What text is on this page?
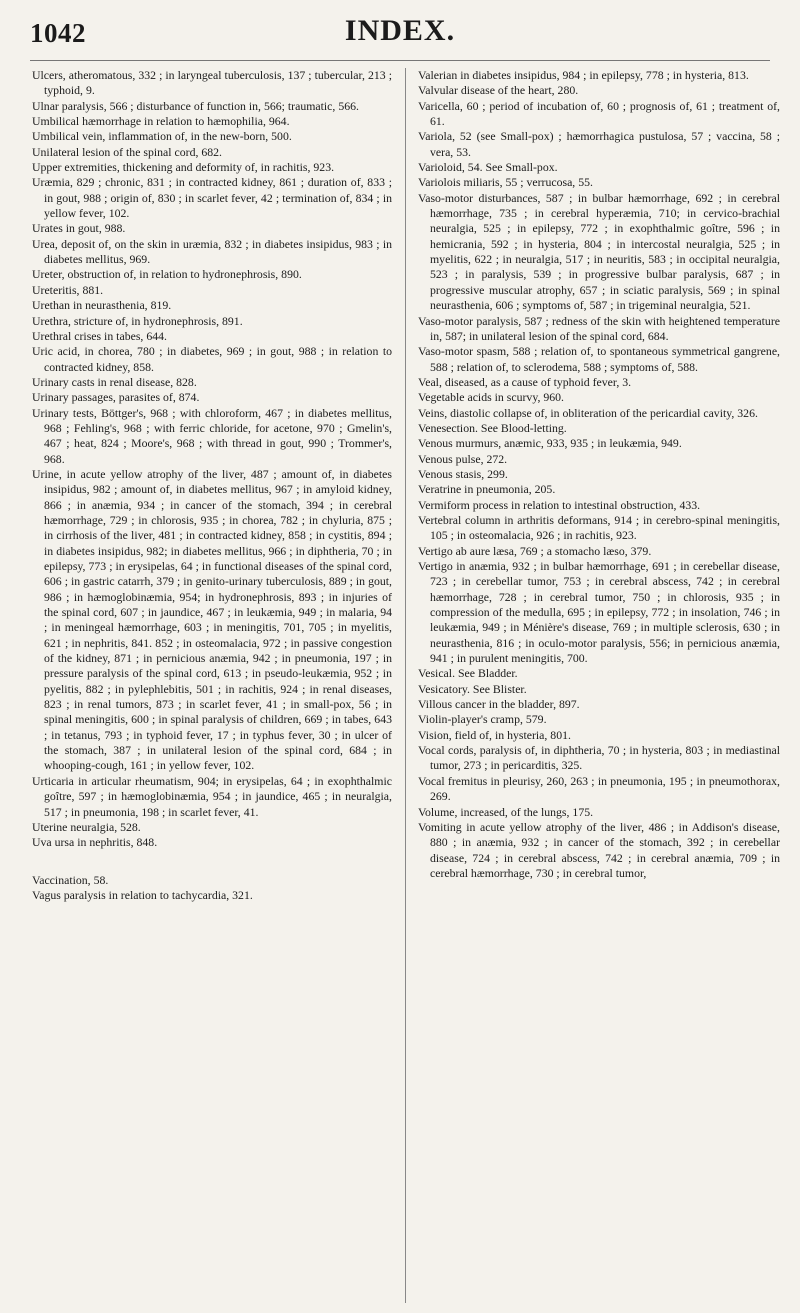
1042	INDEX.

Ulcers, atheromatous, 332 ; in laryngeal tuberculosis, 137 ; tubercular, 213 ; typhoid, 9.

Ulnar paralysis, 566 ; disturbance of function in, 566; traumatic, 566.

Umbilical hæmorrhage in relation to hæmophilia, 964.

Umbilical vein, inflammation of, in the new-born, 500.

Unilateral lesion of the spinal cord, 682.

Upper extremities, thickening and deformity of, in rachitis, 923.

Uræmia, 829 ; chronic, 831 ; in contracted kidney, 861 ; duration of, 833 ; in gout, 988 ; origin of, 830 ; in scarlet fever, 42 ; termination of, 834 ; in yellow fever, 102.

Urates in gout, 988.

Urea, deposit of, on the skin in uræmia, 832 ; in diabetes insipidus, 983 ; in diabetes mellitus, 969.

Ureter, obstruction of, in relation to hydronephrosis, 890.

Ureteritis, 881.

Urethan in neurasthenia, 819.

Urethra, stricture of, in hydronephrosis, 891.

Urethral crises in tabes, 644.

Uric acid, in chorea, 780 ; in diabetes, 969 ; in gout, 988 ; in relation to contracted kidney, 858.

Urinary casts in renal disease, 828.

Urinary passages, parasites of, 874.

Urinary tests, Böttger's, 968 ; with chloroform, 467 ; in diabetes mellitus, 968 ; Fehling's, 968 ; with ferric chloride, for acetone, 970 ; Gmelin's, 467 ; heat, 824 ; Moore's, 968 ; with thread in gout, 990 ; Trommer's, 968.

Urine, in acute yellow atrophy of the liver, 487 ; amount of, in diabetes insipidus, 982 ; amount of, in diabetes mellitus, 967 ; in amyloid kidney, 866 ; in anæmia, 934 ; in cancer of the stomach, 394 ; in cerebral hæmorrhage, 729 ; in chlorosis, 935 ; in chorea, 782 ; in chyluria, 875 ; in cirrhosis of the liver, 481 ; in contracted kidney, 858 ; in cystitis, 894 ; in diabetes insipidus, 982; in diabetes mellitus, 966 ; in diphtheria, 70 ; in epilepsy, 773 ; in erysipelas, 64 ; in functional diseases of the spinal cord, 606 ; in gastric catarrh, 379 ; in genito-urinary tuberculosis, 889 ; in gout, 986 ; in hæmoglobinæmia, 954; in hydronephrosis, 893 ; in injuries of the spinal cord, 607 ; in jaundice, 467 ; in leukæmia, 949 ; in malaria, 94 ; in meningeal hæmorrhage, 603 ; in meningitis, 701, 705 ; in myelitis, 621 ; in nephritis, 841. 852 ; in osteomalacia, 972 ; in passive congestion of the kidney, 871 ; in pernicious anæmia, 942 ; in pneumonia, 197 ; in pressure paralysis of the spinal cord, 613 ; in pseudo-leukæmia, 952 ; in pyelitis, 882 ; in pylephlebitis, 501 ; in rachitis, 924 ; in renal diseases, 823 ; in renal tumors, 873 ; in scarlet fever, 41 ; in small-pox, 56 ; in spinal meningitis, 600 ; in spinal paralysis of children, 669 ; in tabes, 643 ; in tetanus, 793 ; in typhoid fever, 17 ; in typhus fever, 30 ; in ulcer of the stomach, 387 ; in unilateral lesion of the spinal cord, 684 ; in whooping-cough, 161 ; in yellow fever, 102.

Urticaria in articular rheumatism, 904; in erysipelas, 64 ; in exophthalmic goître, 597 ; in hæmoglobinæmia, 954 ; in jaundice, 465 ; in neuralgia, 517 ; in pneumonia, 198 ; in scarlet fever, 41.

Uterine neuralgia, 528.

Uva ursa in nephritis, 848.

Vaccination, 58.

Vagus paralysis in relation to tachycardia, 321.

Valerian in diabetes insipidus, 984 ; in epilepsy, 778 ; in hysteria, 813.

Valvular disease of the heart, 280.

Varicella, 60 ; period of incubation of, 60 ; prognosis of, 61 ; treatment of, 61.

Variola, 52 (see Small-pox) ; hæmorrhagica pustulosa, 57 ; vaccina, 58 ; vera, 53.

Varioloid, 54. See Small-pox.

Variolois miliaris, 55 ; verrucosa, 55.

Vaso-motor disturbances, 587 ; in bulbar hæmorrhage, 692 ; in cerebral hæmorrhage, 735 ; in cerebral hyperæmia, 710; in cervico-brachial neuralgia, 525 ; in epilepsy, 772 ; in exophthalmic goître, 596 ; in hemicrania, 592 ; in hysteria, 804 ; in intercostal neuralgia, 525 ; in myelitis, 622 ; in neuralgia, 517 ; in neuritis, 583 ; in occipital neuralgia, 523 ; in paralysis, 539 ; in progressive bulbar paralysis, 687 ; in progressive muscular atrophy, 657 ; in sciatic paralysis, 569 ; in spinal neurasthenia, 606 ; symptoms of, 587 ; in trigeminal neuralgia, 521.

Vaso-motor paralysis, 587 ; redness of the skin with heightened temperature in, 587; in unilateral lesion of the spinal cord, 684.

Vaso-motor spasm, 588 ; relation of, to spontaneous symmetrical gangrene, 588 ; relation of, to sclerodema, 588 ; symptoms of, 588.

Veal, diseased, as a cause of typhoid fever, 3.

Vegetable acids in scurvy, 960.

Veins, diastolic collapse of, in obliteration of the pericardial cavity, 326.

Venesection. See Blood-letting.

Venous murmurs, anæmic, 933, 935 ; in leukæmia, 949.

Venous pulse, 272.

Venous stasis, 299.

Veratrine in pneumonia, 205.

Vermiform process in relation to intestinal obstruction, 433.

Vertebral column in arthritis deformans, 914 ; in cerebro-spinal meningitis, 105 ; in osteomalacia, 926 ; in rachitis, 923.

Vertigo ab aure læsa, 769 ; a stomacho læso, 379.

Vertigo in anæmia, 932 ; in bulbar hæmorrhage, 691 ; in cerebellar disease, 723 ; in cerebellar tumor, 753 ; in cerebral abscess, 742 ; in cerebral hæmorrhage, 728 ; in cerebral tumor, 750 ; in chlorosis, 935 ; in compression of the medulla, 695 ; in epilepsy, 772 ; in insolation, 746 ; in leukæmia, 949 ; in Ménière's disease, 769 ; in multiple sclerosis, 630 ; in neurasthenia, 816 ; in oculo-motor paralysis, 556; in pernicious anæmia, 941 ; in purulent meningitis, 700.

Vesical. See Bladder.

Vesicatory. See Blister.

Villous cancer in the bladder, 897.

Violin-player's cramp, 579.

Vision, field of, in hysteria, 801.

Vocal cords, paralysis of, in diphtheria, 70 ; in hysteria, 803 ; in mediastinal tumor, 273 ; in pericarditis, 325.

Vocal fremitus in pleurisy, 260, 263 ; in pneumonia, 195 ; in pneumothorax, 269.

Volume, increased, of the lungs, 175.

Vomiting in acute yellow atrophy of the liver, 486 ; in Addison's disease, 880 ; in anæmia, 932 ; in cancer of the stomach, 392 ; in cerebellar disease, 724 ; in cerebral abscess, 742 ; in cerebral anæmia, 709 ; in cerebral hæmorrhage, 730 ; in cerebral tumor,
